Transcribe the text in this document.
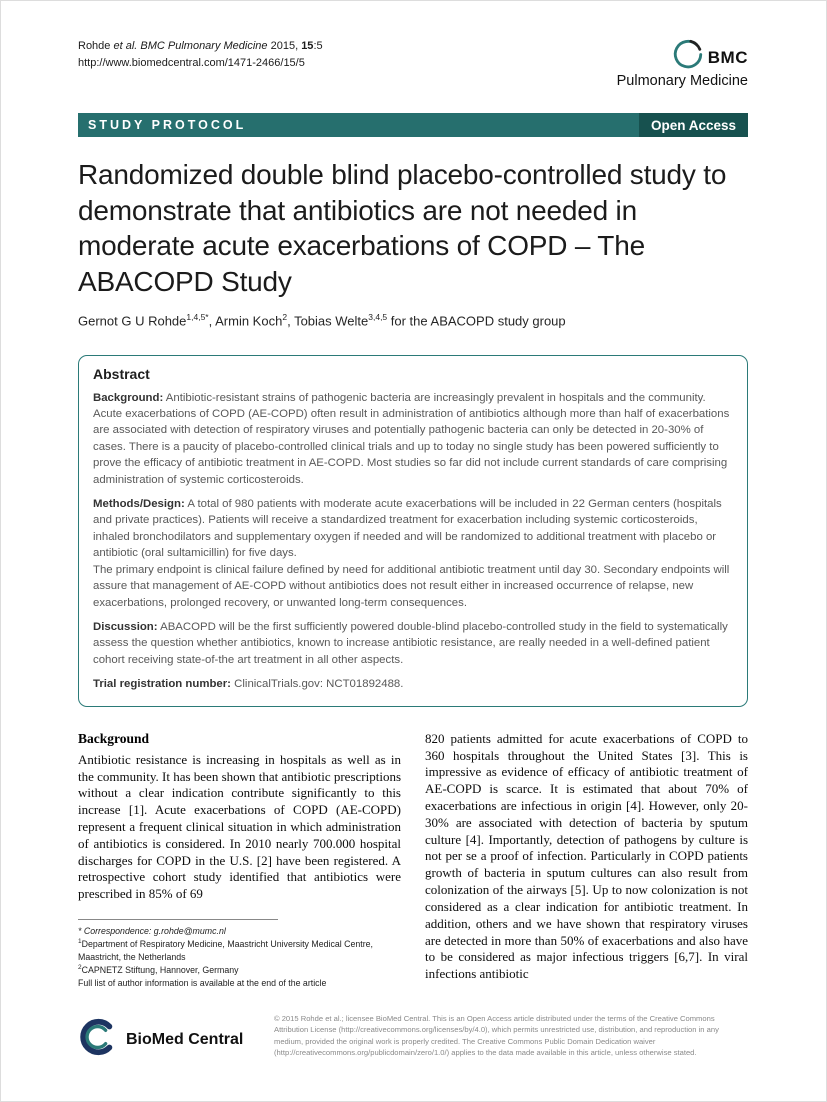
Rohde et al. BMC Pulmonary Medicine 2015, 15:5
http://www.biomedcentral.com/1471-2466/15/5	BMC
Pulmonary Medicine
STUDY PROTOCOL	Open Access
Randomized double blind placebo-controlled study to demonstrate that antibiotics are not needed in moderate acute exacerbations of COPD – The ABACOPD Study
Gernot G U Rohde$^{1,4,5*}$, Armin Koch$^2$, Tobias Welte$^{3,4,5}$ for the ABACOPD study group
Abstract

Background: Antibiotic-resistant strains of pathogenic bacteria are increasingly prevalent in hospitals and the community. Acute exacerbations of COPD (AE-COPD) often result in administration of antibiotics although more than half of exacerbations are associated with detection of respiratory viruses and potentially pathogenic bacteria can only be detected in 20-30% of cases. There is a paucity of placebo-controlled clinical trials and up to today no single study has been powered sufficiently to prove the efficacy of antibiotic treatment in AE-COPD. Most studies so far did not include current standards of care comprising administration of systemic corticosteroids.

Methods/Design: A total of 980 patients with moderate acute exacerbations will be included in 22 German centers (hospitals and private practices). Patients will receive a standardized treatment for exacerbation including systemic corticosteroids, inhaled bronchodilators and supplementary oxygen if needed and will be randomized to additional treatment with placebo or antibiotic (oral sultamicillin) for five days.

The primary endpoint is clinical failure defined by need for additional antibiotic treatment until day 30. Secondary endpoints will assure that management of AE-COPD without antibiotics does not result either in increased occurrence of relapse, new exacerbations, prolonged recovery, or unwanted long-term consequences.

Discussion: ABACOPD will be the first sufficiently powered double-blind placebo-controlled study in the field to systematically assess the question whether antibiotics, known to increase antibiotic resistance, are really needed in a well-defined patient cohort receiving state-of-the art treatment in all other aspects.

Trial registration number: ClinicalTrials.gov: NCT01892488.

Background

Antibiotic resistance is increasing in hospitals as well as in the community. It has been shown that antibiotic prescriptions without a clear indication contribute significantly to this increase [1]. Acute exacerbations of COPD (AE-COPD) represent a frequent clinical situation in which administration of antibiotics is considered. In 2010 nearly 700.000 hospital discharges for COPD in the U.S. [2] have been registered. A retrospective cohort study identified that antibiotics were prescribed in 85% of 69

* Correspondence: g.rohde@mumc.nl
$^1$Department of Respiratory Medicine, Maastricht University Medical Centre, Maastricht, the Netherlands
$^2$CAPNETZ Stiftung, Hannover, Germany
Full list of author information is available at the end of the article

820 patients admitted for acute exacerbations of COPD to 360 hospitals throughout the United States [3]. This is impressive as evidence of efficacy of antibiotic treatment of AE-COPD is scarce. It is estimated that about 70% of exacerbations are infectious in origin [4]. However, only 20-30% are associated with detection of bacteria by sputum culture [4]. Importantly, detection of pathogens by culture is not per se a proof of infection. Particularly in COPD patients growth of bacteria in sputum cultures can also result from colonization of the airways [5]. Up to now colonization is not considered as a clear indication for antibiotic treatment. In addition, others and we have shown that respiratory viruses are detected in more than 50% of exacerbations and also have to be considered as major infectious triggers [6,7]. In viral infections antibiotic

BioMed Central

© 2015 Rohde et al.; licensee BioMed Central. This is an Open Access article distributed under the terms of the Creative Commons Attribution License (http://creativecommons.org/licenses/by/4.0), which permits unrestricted use, distribution, and reproduction in any medium, provided the original work is properly credited. The Creative Commons Public Domain Dedication waiver (http://creativecommons.org/publicdomain/zero/1.0/) applies to the data made available in this article, unless otherwise stated.
